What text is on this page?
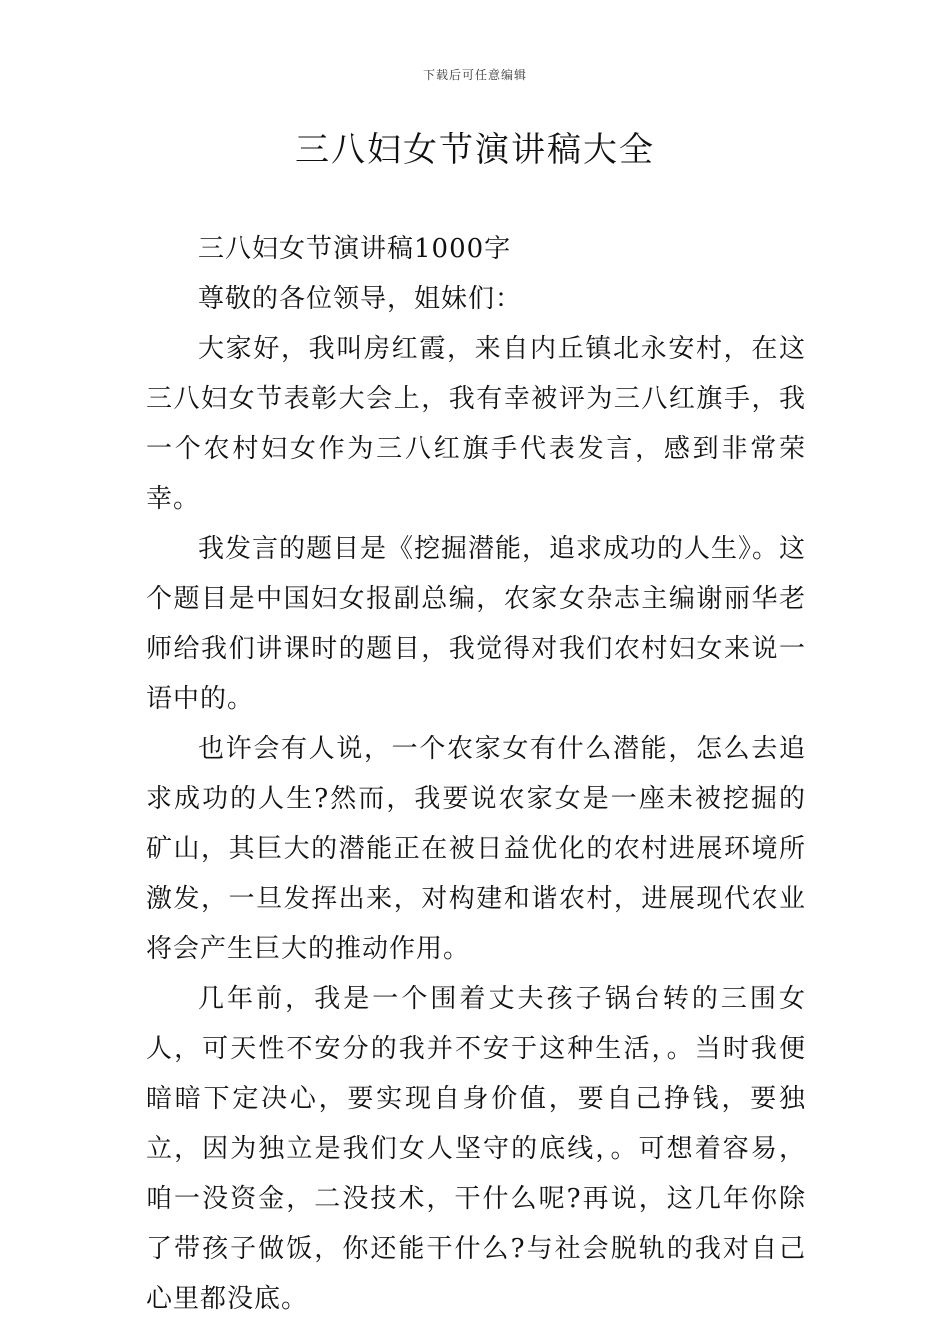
下载后可任意编辑
三八妇女节演讲稿大全

三八妇女节演讲稿1000字

尊敬的各位领导，姐妹们：

大家好，我叫房红霞，来自内丘镇北永安村，在这三八妇女节表彰大会上，我有幸被评为三八红旗手，我一个农村妇女作为三八红旗手代表发言，感到非常荣幸。

我发言的题目是《挖掘潜能，追求成功的人生》。这个题目是中国妇女报副总编，农家女杂志主编谢丽华老师给我们讲课时的题目，我觉得对我们农村妇女来说一语中的。

也许会有人说，一个农家女有什么潜能，怎么去追求成功的人生?然而，我要说农家女是一座未被挖掘的矿山，其巨大的潜能正在被日益优化的农村进展环境所激发，一旦发挥出来，对构建和谐农村，进展现代农业将会产生巨大的推动作用。

几年前，我是一个围着丈夫孩子锅台转的三围女人，可天性不安分的我并不安于这种生活，。当时我便暗暗下定决心，要实现自身价值，要自己挣钱，要独立，因为独立是我们女人坚守的底线，。可想着容易，咱一没资金，二没技术，干什么呢?再说，这几年你除了带孩子做饭，你还能干什么?与社会脱轨的我对自己心里都没底。
